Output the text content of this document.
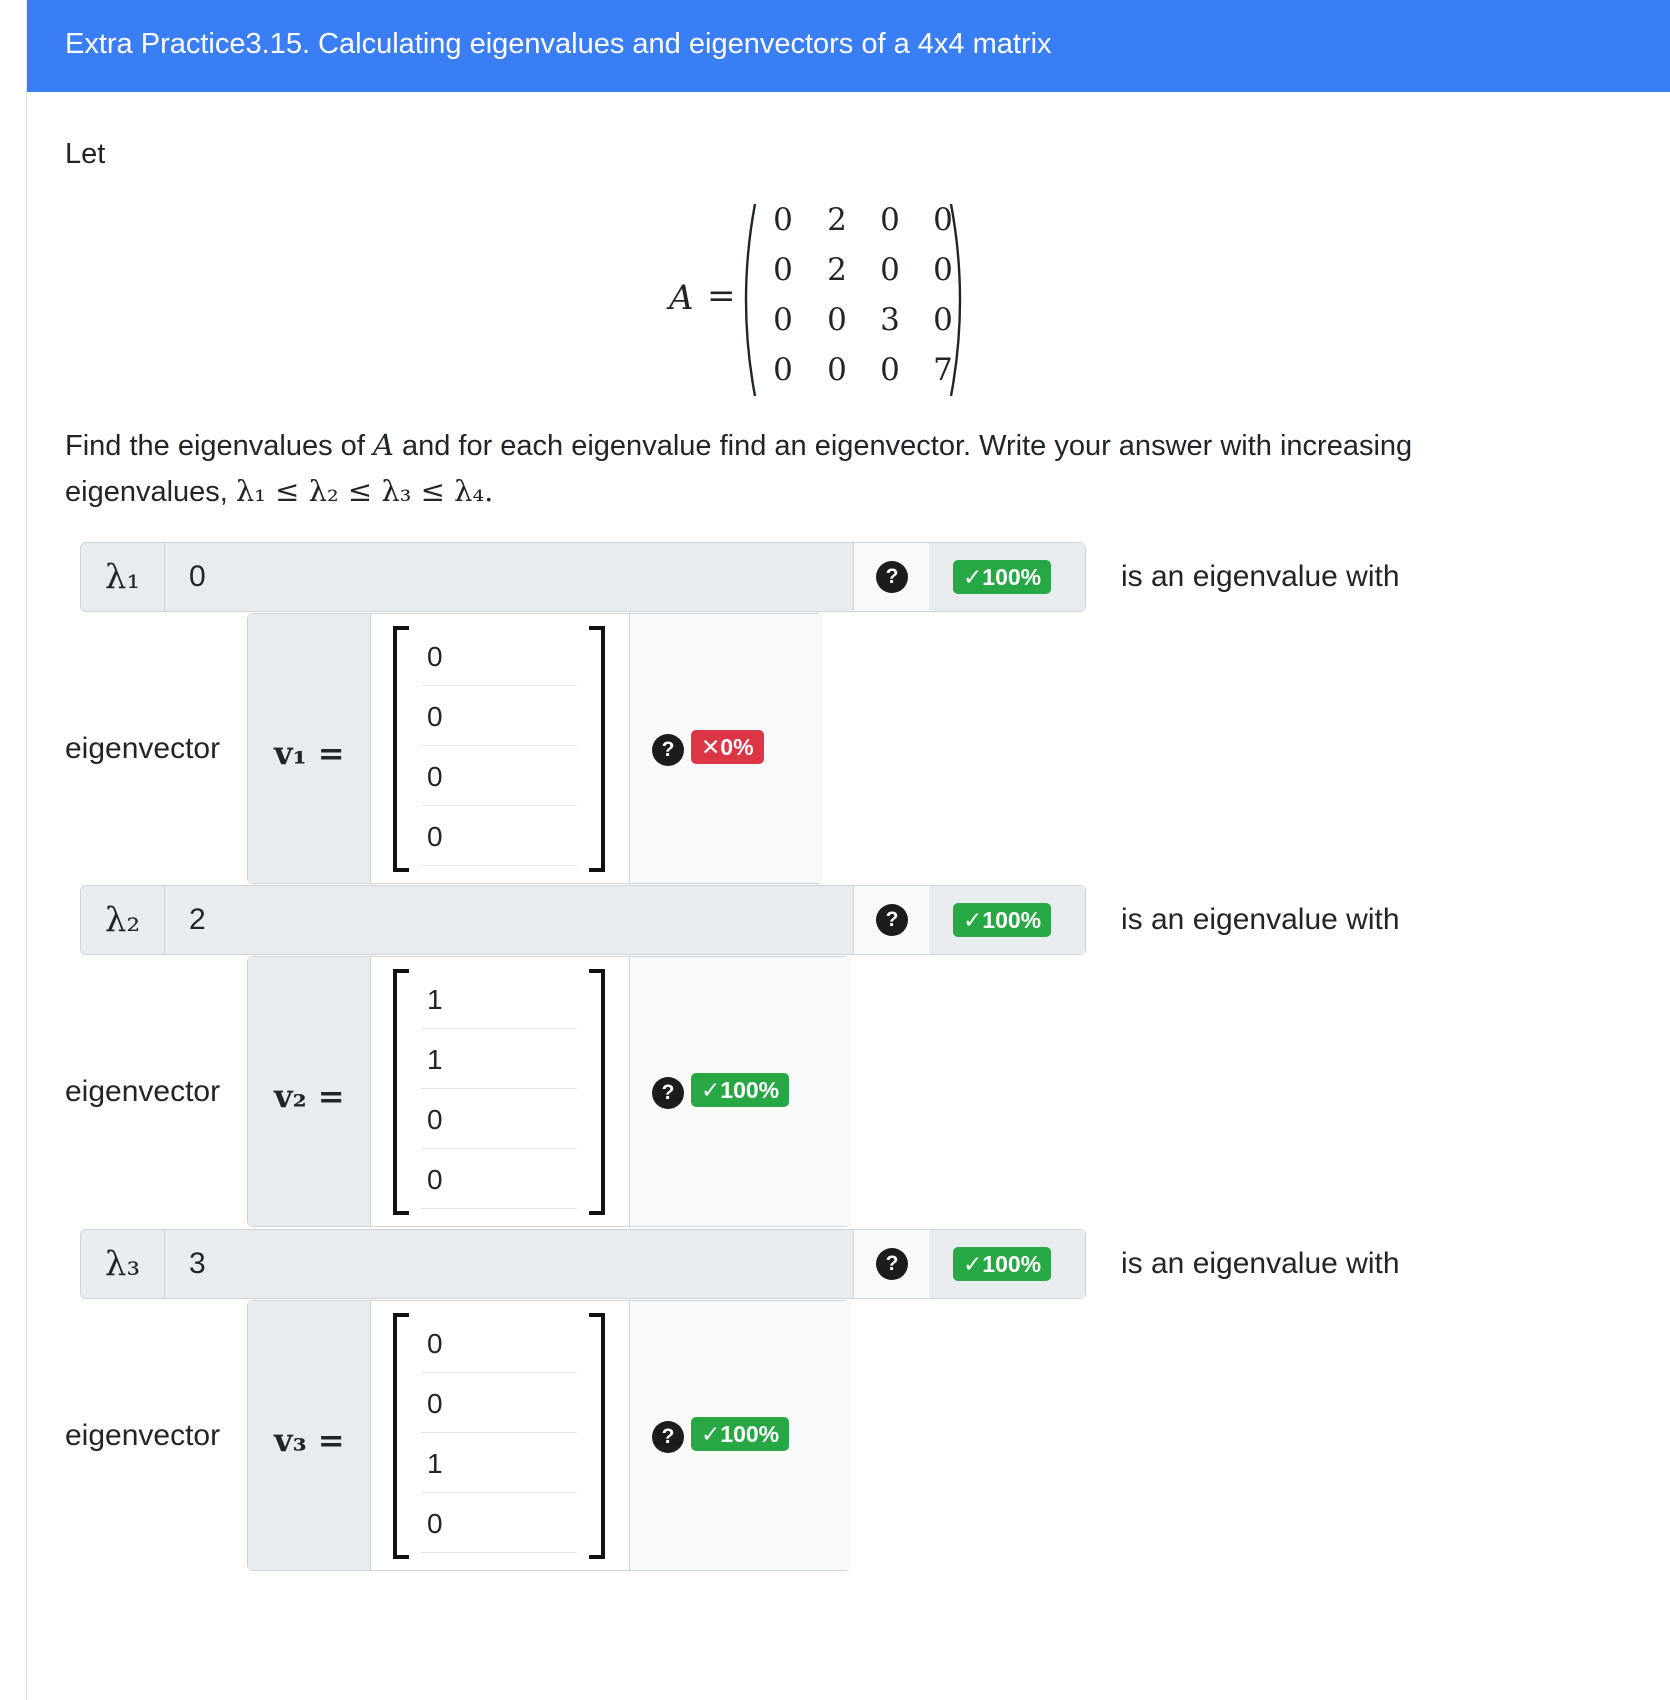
Extra Practice3.15. Calculating eigenvalues and eigenvectors of a 4x4 matrix
Let
A =
0	2	0	0
0	2	0	0
0	0	3	0
0	0	0	7
Find the eigenvalues of A and for each eigenvalue find an eigenvector. Write your answer with increasing
eigenvalues, λ₁ ≤ λ₂ ≤ λ₃ ≤ λ₄.
λ₁	0	?	✓100%	is an eigenvalue with
eigenvector v₁ =
0
0
0
0
?	✕0%
λ₂	2	?	✓100%	is an eigenvalue with
eigenvector v₂ =
1
1
0
0
?	✓100%
λ₃	3	?	✓100%	is an eigenvalue with
eigenvector v₃ =
0
0
1
0
?	✓100%
